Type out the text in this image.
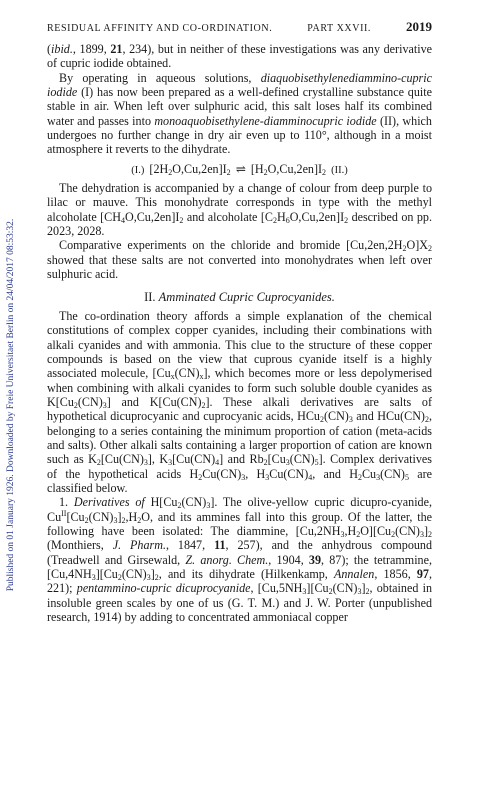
Published on 01 January 1926. Downloaded by Freie Universitaet Berlin on 24/04/2017 08:53:32.
RESIDUAL AFFINITY AND CO-ORDINATION.	PART XXVII.	2019

(ibid., 1899, 21, 234), but in neither of these investigations was any derivative of cupric iodide obtained.

By operating in aqueous solutions, diaquobisethylenediammino-cupric iodide (I) has now been prepared as a well-defined crystalline substance quite stable in air. When left over sulphuric acid, this salt loses half its combined water and passes into monoaquobisethylene-diamminocupric iodide (II), which undergoes no further change in dry air even up to 110°, although in a moist atmosphere it reverts to the dihydrate.

(I.) $[2H_2O,Cu,2en]I_2$ ⇌ $[H_2O,Cu,2en]I_2$ (II.)

The dehydration is accompanied by a change of colour from deep purple to lilac or mauve. This monohydrate corresponds in type with the methyl alcoholate $[CH_4O,Cu,2en]I_2$ and alcoholate $[C_2H_6O,Cu,2en]I_2$ described on pp. 2023, 2028.

Comparative experiments on the chloride and bromide $[Cu,2en,2H_2O]X_2$ showed that these salts are not converted into monohydrates when left over sulphuric acid.

II. Amminated Cupric Cuprocyanides.

The co-ordination theory affords a simple explanation of the chemical constitutions of complex copper cyanides, including their combinations with alkali cyanides and with ammonia. This clue to the structure of these copper compounds is based on the view that cuprous cyanide itself is a highly associated molecule, $[Cu_x(CN)_x]$, which becomes more or less depolymerised when combining with alkali cyanides to form such soluble double cyanides as $K[Cu_2(CN)_3]$ and $K[Cu(CN)_2]$. These alkali derivatives are salts of hypothetical dicuprocyanic and cuprocyanic acids, $HCu_2(CN)_3$ and $HCu(CN)_2$, belonging to a series containing the minimum proportion of cation (meta-acids and salts). Other alkali salts containing a larger proportion of cation are known such as $K_2[Cu(CN)_3]$, $K_3[Cu(CN)_4]$ and $Rb_2[Cu_3(CN)_5]$. Complex derivatives of the hypothetical acids $H_2Cu(CN)_3$, $H_3Cu(CN)_4$, and $H_2Cu_3(CN)_5$ are classified below.

1. Derivatives of $H[Cu_2(CN)_3]$. The olive-yellow cupric dicupro-cyanide, $Cu^{II}[Cu_2(CN)_3]_2,H_2O$, and its ammines fall into this group. Of the latter, the following have been isolated: The diammine, $[Cu,2NH_3,H_2O][Cu_2(CN)_3]_2$ (Monthiers, J. Pharm., 1847, 11, 257), and the anhydrous compound (Treadwell and Girsewald, Z. anorg. Chem., 1904, 39, 87); the tetrammine, $[Cu,4NH_3][Cu_2(CN)_3]_2$, and its dihydrate (Hilkenkamp, Annalen, 1856, 97, 221); pentammino-cupric dicuprocyanide, $[Cu,5NH_3][Cu_2(CN)_3]_2$, obtained in insoluble green scales by one of us (G. T. M.) and J. W. Porter (unpublished research, 1914) by adding to concentrated ammoniacal copper
